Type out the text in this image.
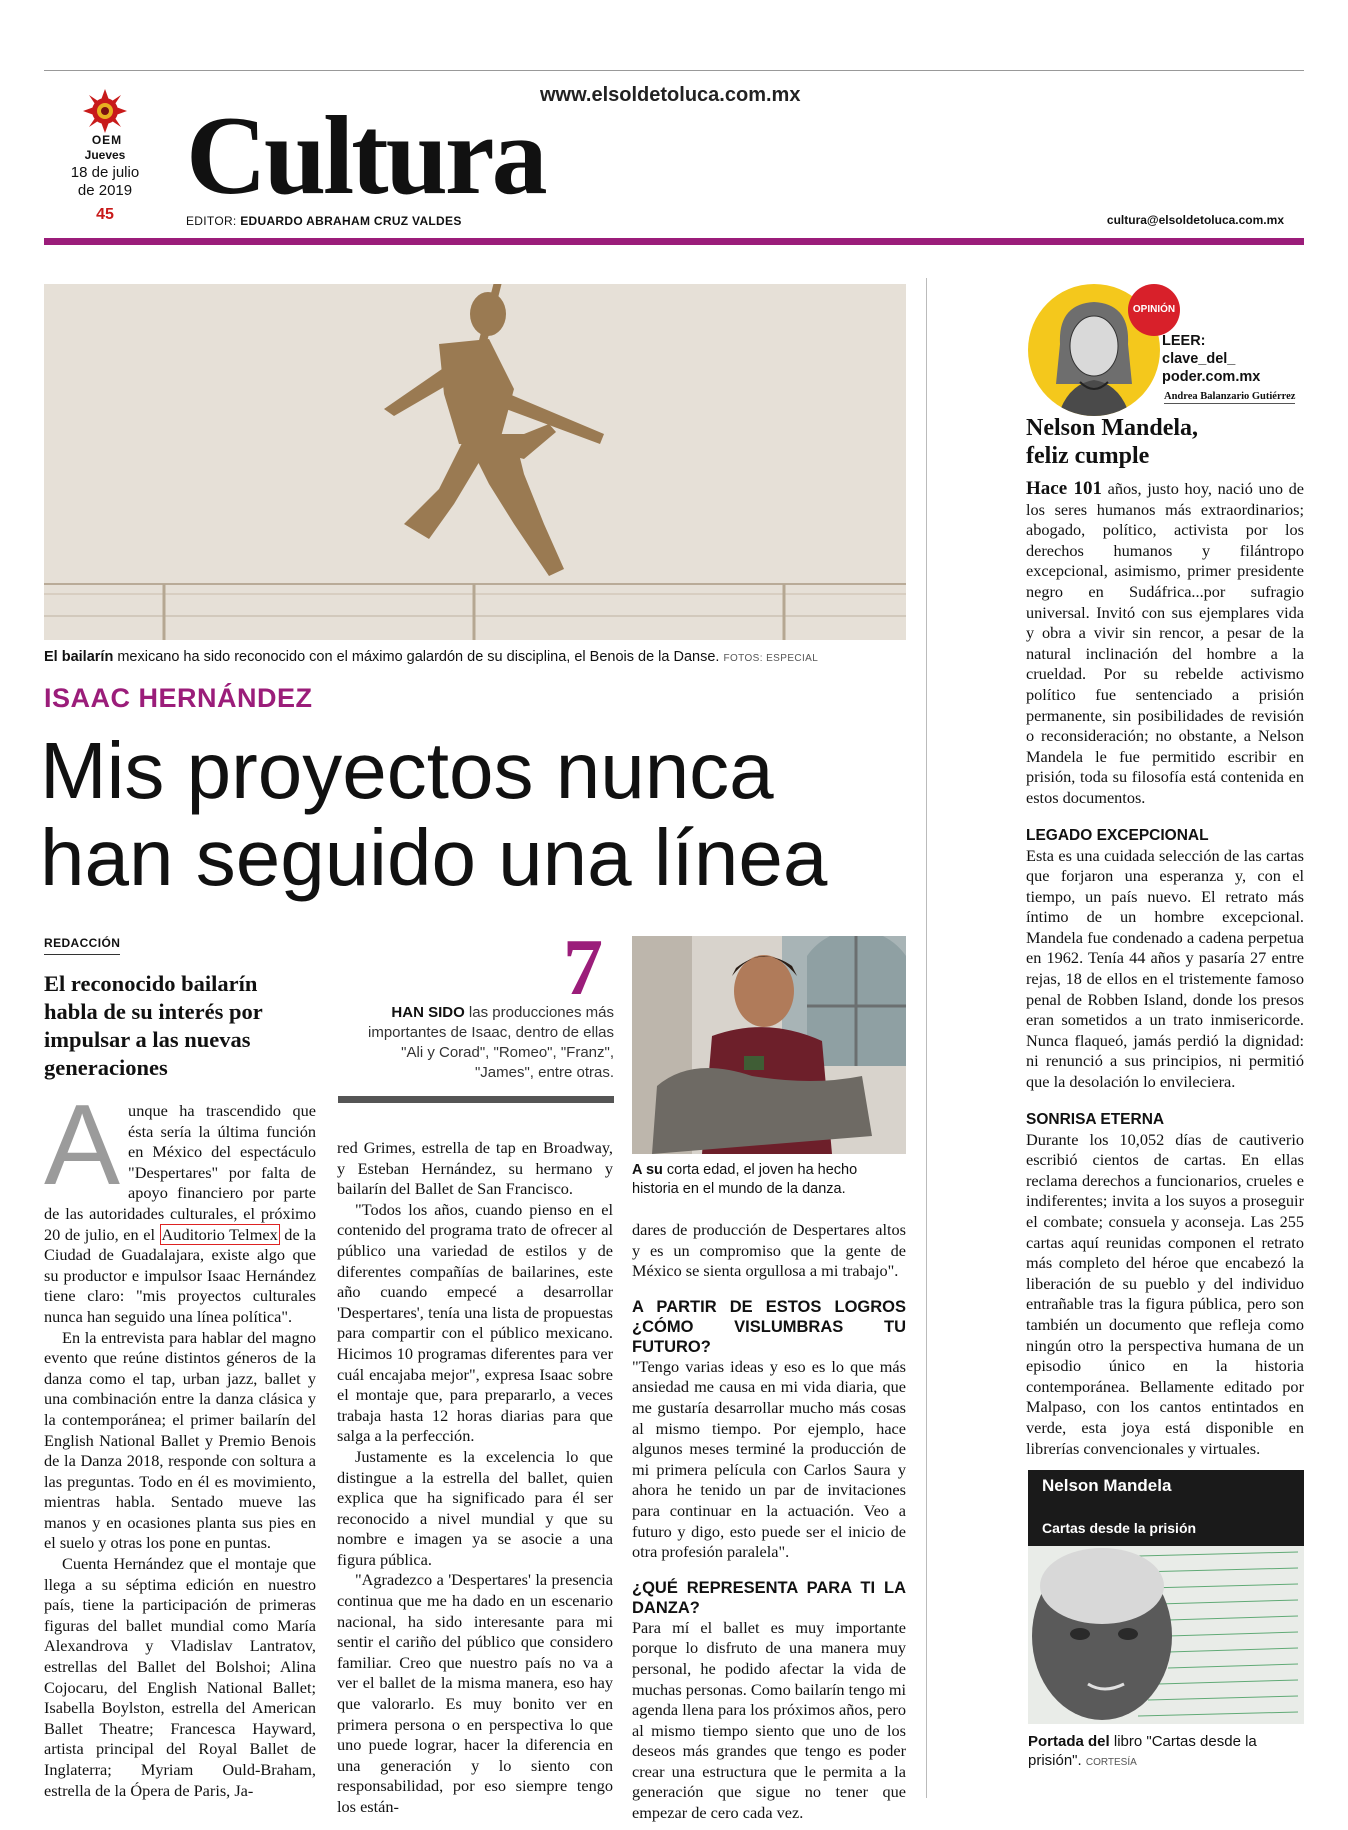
www.elsoldetoluca.com.mx
OEM
Jueves
18 de julio
de 2019
45 Cultura
EDITOR: EDUARDO ABRAHAM CRUZ VALDES	cultura@elsoldetoluca.com.mx
El bailarín mexicano ha sido reconocido con el máximo galardón de su disciplina, el Benois de la Danse. FOTOS: ESPECIAL
ISAAC HERNÁNDEZ
Mis proyectos nunca
han seguido una línea
REDACCIÓN
El reconocido bailarín habla de su interés por impulsar a las nuevas generaciones

Aunque ha trascendido que ésta sería la última función en México del espectáculo "Despertares" por falta de apoyo financiero por parte de las autoridades culturales, el próximo 20 de julio, en el Auditorio Telmex de la Ciudad de Guadalajara, existe algo que su productor e impulsor Isaac Hernández tiene claro: "mis proyectos culturales nunca han seguido una línea política".

En la entrevista para hablar del magno evento que reúne distintos géneros de la danza como el tap, urban jazz, ballet y una combinación entre la danza clásica y la contemporánea; el primer bailarín del English National Ballet y Premio Benois de la Danza 2018, responde con soltura a las preguntas. Todo en él es movimiento, mientras habla. Sentado mueve las manos y en ocasiones planta sus pies en el suelo y otras los pone en puntas.

Cuenta Hernández que el montaje que llega a su séptima edición en nuestro país, tiene la participación de primeras figuras del ballet mundial como María Alexandrova y Vladislav Lantratov, estrellas del Ballet del Bolshoi; Alina Cojocaru, del English National Ballet; Isabella Boylston, estrella del American Ballet Theatre; Francesca Hayward, artista principal del Royal Ballet de Inglaterra; Myriam Ould-Braham, estrella de la Ópera de Paris, Ja-

7
HAN SIDO las producciones más importantes de Isaac, dentro de ellas "Ali y Corad", "Romeo", "Franz", "James", entre otras.
A su corta edad, el joven ha hecho historia en el mundo de la danza.

red Grimes, estrella de tap en Broadway, y Esteban Hernández, su hermano y bailarín del Ballet de San Francisco.

"Todos los años, cuando pienso en el contenido del programa trato de ofrecer al público una variedad de estilos y de diferentes compañías de bailarines, este año cuando empecé a desarrollar 'Despertares', tenía una lista de propuestas para compartir con el público mexicano. Hicimos 10 programas diferentes para ver cuál encajaba mejor", expresa Isaac sobre el montaje que, para prepararlo, a veces trabaja hasta 12 horas diarias para que salga a la perfección.

Justamente es la excelencia lo que distingue a la estrella del ballet, quien explica que ha significado para él ser reconocido a nivel mundial y que su nombre e imagen ya se asocie a una figura pública.

"Agradezco a 'Despertares' la presencia continua que me ha dado en un escenario nacional, ha sido interesante para mi sentir el cariño del público que considero familiar. Creo que nuestro país no va a ver el ballet de la misma manera, eso hay que valorarlo. Es muy bonito ver en primera persona o en perspectiva lo que uno puede lograr, hacer la diferencia en una generación y lo siento con responsabilidad, por eso siempre tengo los están-

dares de producción de Despertares altos y es un compromiso que la gente de México se sienta orgullosa a mi trabajo".

A PARTIR DE ESTOS LOGROS ¿CÓMO VISLUMBRAS TU FUTURO?

"Tengo varias ideas y eso es lo que más ansiedad me causa en mi vida diaria, que me gustaría desarrollar mucho más cosas al mismo tiempo. Por ejemplo, hace algunos meses terminé la producción de mi primera película con Carlos Saura y ahora he tenido un par de invitaciones para continuar en la actuación. Veo a futuro y digo, esto puede ser el inicio de otra profesión paralela".

¿QUÉ REPRESENTA PARA TI LA DANZA?

Para mí el ballet es muy importante porque lo disfruto de una manera muy personal, he podido afectar la vida de muchas personas. Como bailarín tengo mi agenda llena para los próximos años, pero al mismo tiempo siento que uno de los deseos más grandes que tengo es poder crear una estructura que le permita a la generación que sigue no tener que empezar de cero cada vez.

OPINIÓN
LEER:
clave_del_
poder.com.mx
Andrea Balanzario Gutiérrez
Nelson Mandela,
feliz cumple

Hace 101 años, justo hoy, nació uno de los seres humanos más extraordinarios; abogado, político, activista por los derechos humanos y filántropo excepcional, asimismo, primer presidente negro en Sudáfrica...por sufragio universal. Invitó con sus ejemplares vida y obra a vivir sin rencor, a pesar de la natural inclinación del hombre a la crueldad. Por su rebelde activismo político fue sentenciado a prisión permanente, sin posibilidades de revisión o reconsideración; no obstante, a Nelson Mandela le fue permitido escribir en prisión, toda su filosofía está contenida en estos documentos.

LEGADO EXCEPCIONAL

Esta es una cuidada selección de las cartas que forjaron una esperanza y, con el tiempo, un país nuevo. El retrato más íntimo de un hombre excepcional. Mandela fue condenado a cadena perpetua en 1962. Tenía 44 años y pasaría 27 entre rejas, 18 de ellos en el tristemente famoso penal de Robben Island, donde los presos eran sometidos a un trato inmisericorde. Nunca flaqueó, jamás perdió la dignidad: ni renunció a sus principios, ni permitió que la desolación lo envileciera.

SONRISA ETERNA

Durante los 10,052 días de cautiverio escribió cientos de cartas. En ellas reclama derechos a funcionarios, crueles e indiferentes; invita a los suyos a proseguir el combate; consuela y aconseja. Las 255 cartas aquí reunidas componen el retrato más completo del héroe que encabezó la liberación de su pueblo y del individuo entrañable tras la figura pública, pero son también un documento que refleja como ningún otro la perspectiva humana de un episodio único en la historia contemporánea. Bellamente editado por Malpaso, con los cantos entintados en verde, esta joya está disponible en librerías convencionales y virtuales.

Nelson Mandela
Cartas desde la prisión
Portada del libro "Cartas desde la prisión". CORTESÍA
